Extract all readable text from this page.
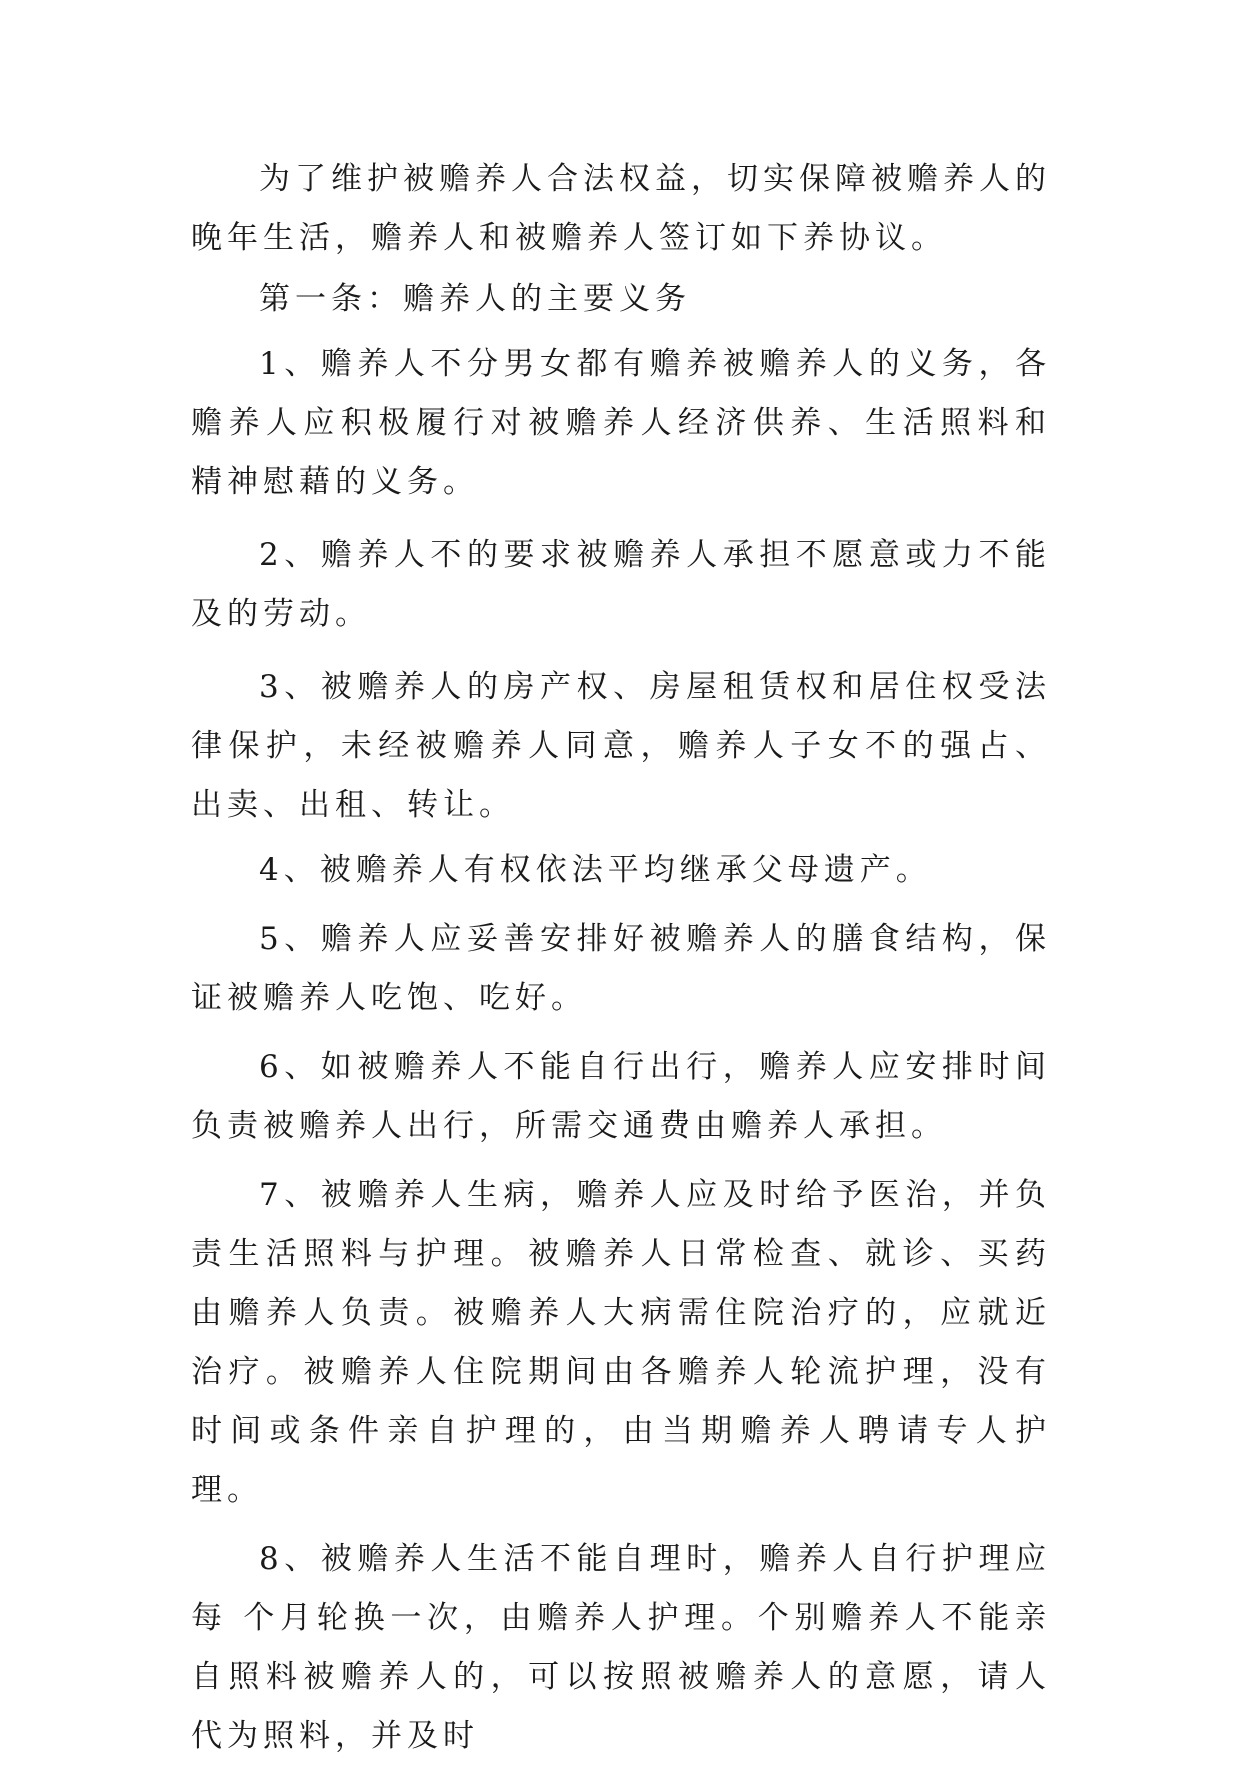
为了维护被赡养人合法权益，切实保障被赡养人的晚年生活，赡养人和被赡养人签订如下养协议。

第一条：赡养人的主要义务

1、赡养人不分男女都有赡养被赡养人的义务，各赡养人应积极履行对被赡养人经济供养、生活照料和精神慰藉的义务。

2、赡养人不的要求被赡养人承担不愿意或力不能及的劳动。

3、被赡养人的房产权、房屋租赁权和居住权受法律保护，未经被赡养人同意，赡养人子女不的强占、出卖、出租、转让。

4、被赡养人有权依法平均继承父母遗产。

5、赡养人应妥善安排好被赡养人的膳食结构，保证被赡养人吃饱、吃好。

6、如被赡养人不能自行出行，赡养人应安排时间负责被赡养人出行，所需交通费由赡养人承担。

7、被赡养人生病，赡养人应及时给予医治，并负责生活照料与护理。被赡养人日常检查、就诊、买药由赡养人负责。被赡养人大病需住院治疗的，应就近治疗。被赡养人住院期间由各赡养人轮流护理，没有时间或条件亲自护理的，由当期赡养人聘请专人护理。

8、被赡养人生活不能自理时，赡养人自行护理应每 个月轮换一次，由赡养人护理。个别赡养人不能亲自照料被赡养人的，可以按照被赡养人的意愿，请人代为照料，并及时
